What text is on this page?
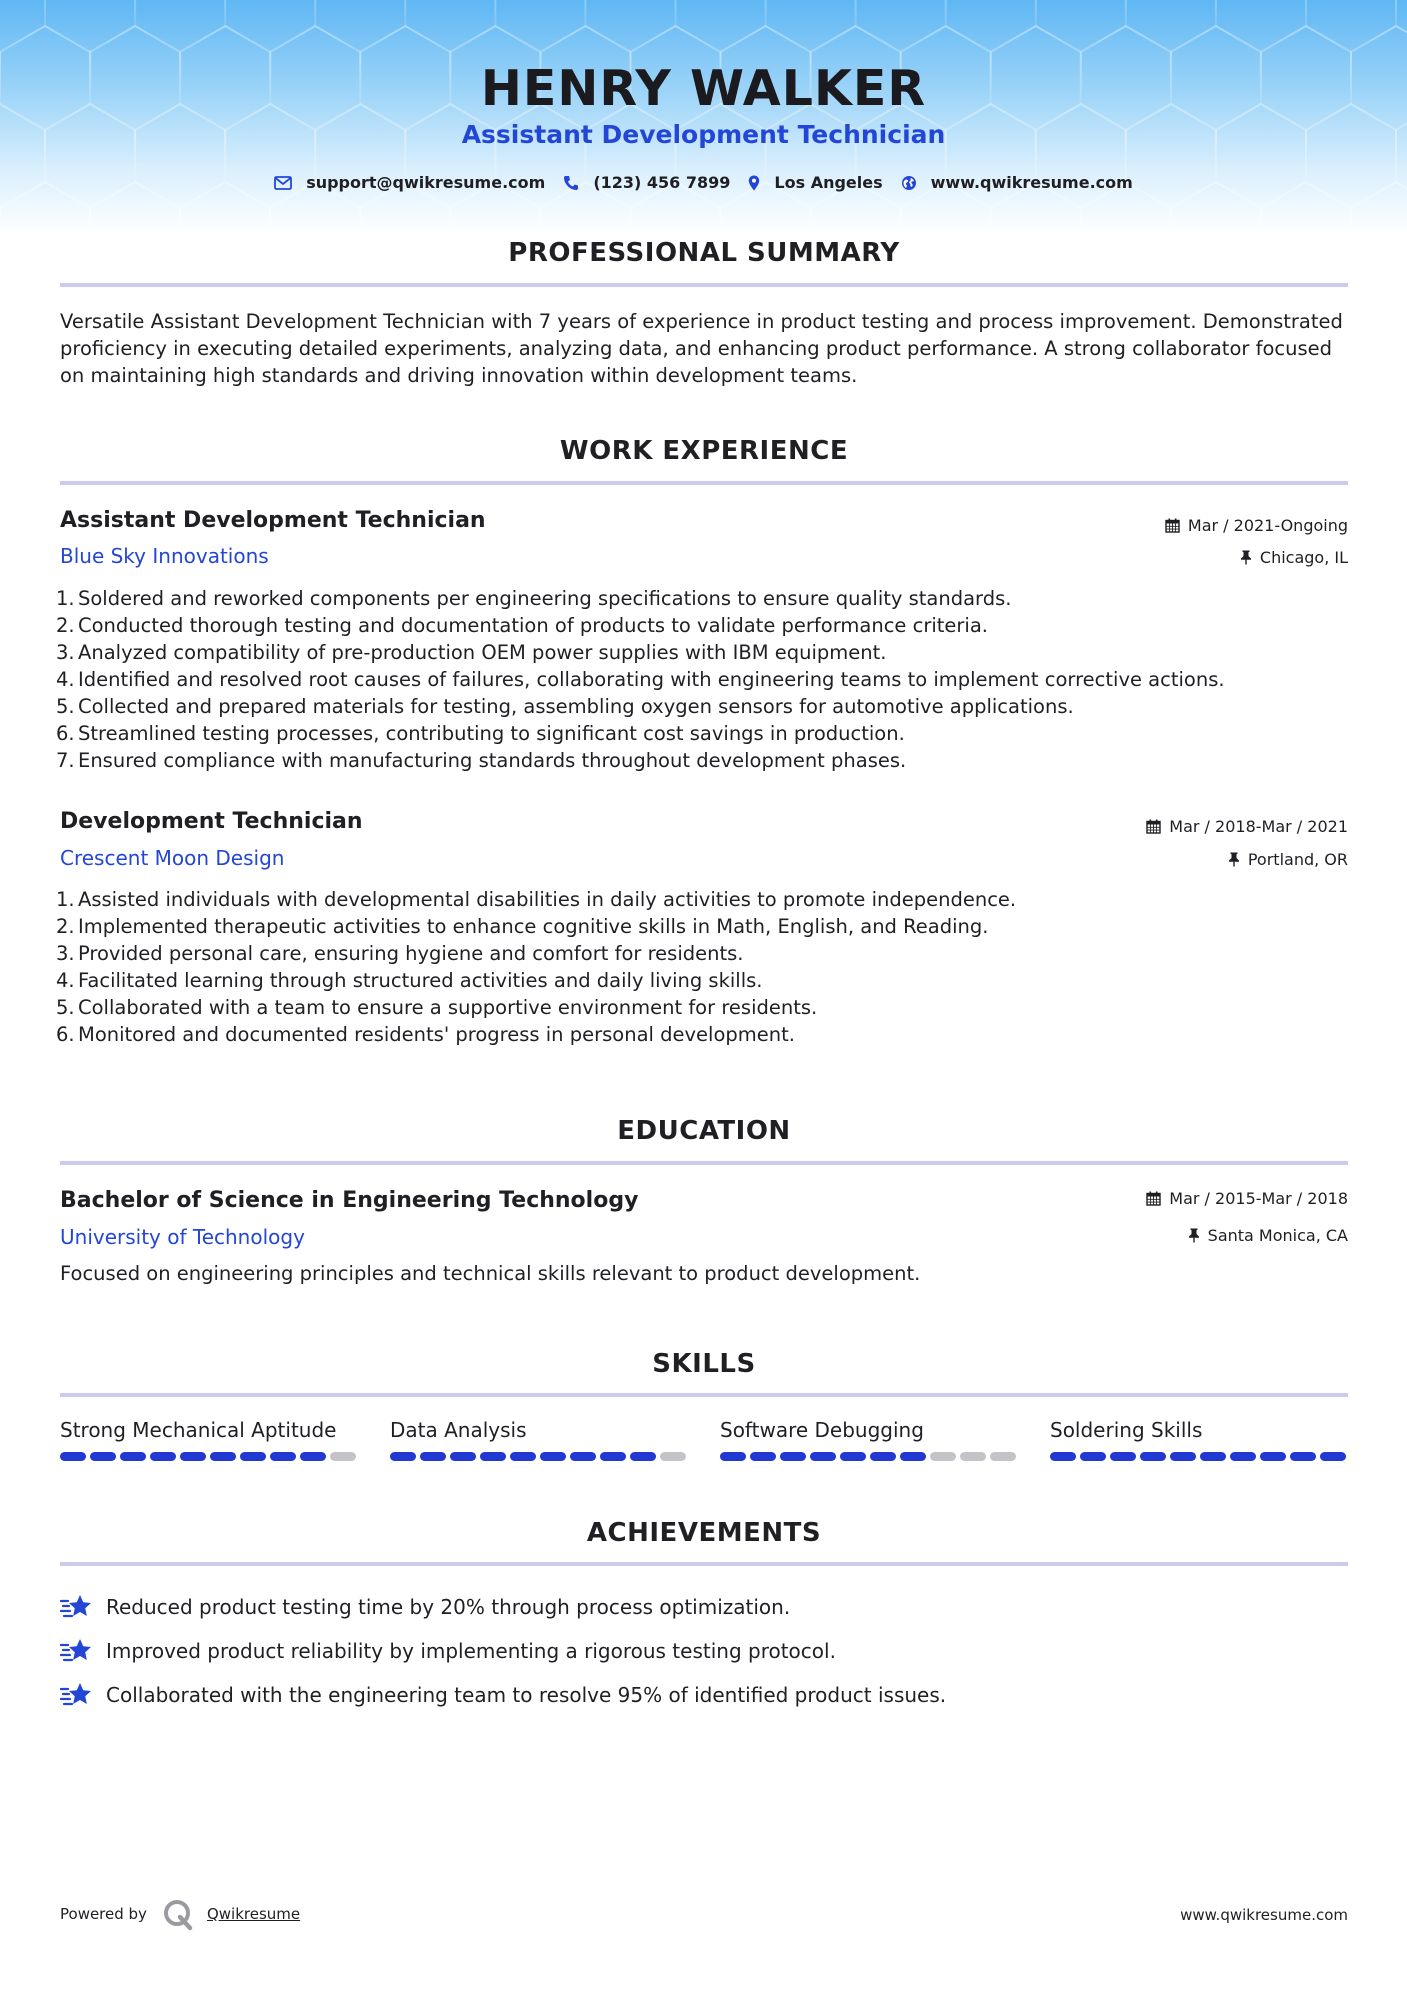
HENRY WALKER
Assistant Development Technician
support@qwikresume.com	(123) 456 7899	Los Angeles	www.qwikresume.com
PROFESSIONAL SUMMARY
Versatile Assistant Development Technician with 7 years of experience in product testing and process improvement. Demonstrated proficiency in executing detailed experiments, analyzing data, and enhancing product performance. A strong collaborator focused on maintaining high standards and driving innovation within development teams.
WORK EXPERIENCE
Assistant Development Technician
Blue Sky Innovations
Mar / 2021-Ongoing
Chicago, IL
1. Soldered and reworked components per engineering specifications to ensure quality standards.
2. Conducted thorough testing and documentation of products to validate performance criteria.
3. Analyzed compatibility of pre-production OEM power supplies with IBM equipment.
4. Identified and resolved root causes of failures, collaborating with engineering teams to implement corrective actions.
5. Collected and prepared materials for testing, assembling oxygen sensors for automotive applications.
6. Streamlined testing processes, contributing to significant cost savings in production.
7. Ensured compliance with manufacturing standards throughout development phases.
Development Technician
Crescent Moon Design
Mar / 2018-Mar / 2021
Portland, OR
1. Assisted individuals with developmental disabilities in daily activities to promote independence.
2. Implemented therapeutic activities to enhance cognitive skills in Math, English, and Reading.
3. Provided personal care, ensuring hygiene and comfort for residents.
4. Facilitated learning through structured activities and daily living skills.
5. Collaborated with a team to ensure a supportive environment for residents.
6. Monitored and documented residents' progress in personal development.
EDUCATION
Bachelor of Science in Engineering Technology
University of Technology
Mar / 2015-Mar / 2018
Santa Monica, CA
Focused on engineering principles and technical skills relevant to product development.
SKILLS
Strong Mechanical Aptitude	Data Analysis	Software Debugging	Soldering Skills
ACHIEVEMENTS
Reduced product testing time by 20% through process optimization.
Improved product reliability by implementing a rigorous testing protocol.
Collaborated with the engineering team to resolve 95% of identified product issues.
Powered by	Qwikresume	www.qwikresume.com
